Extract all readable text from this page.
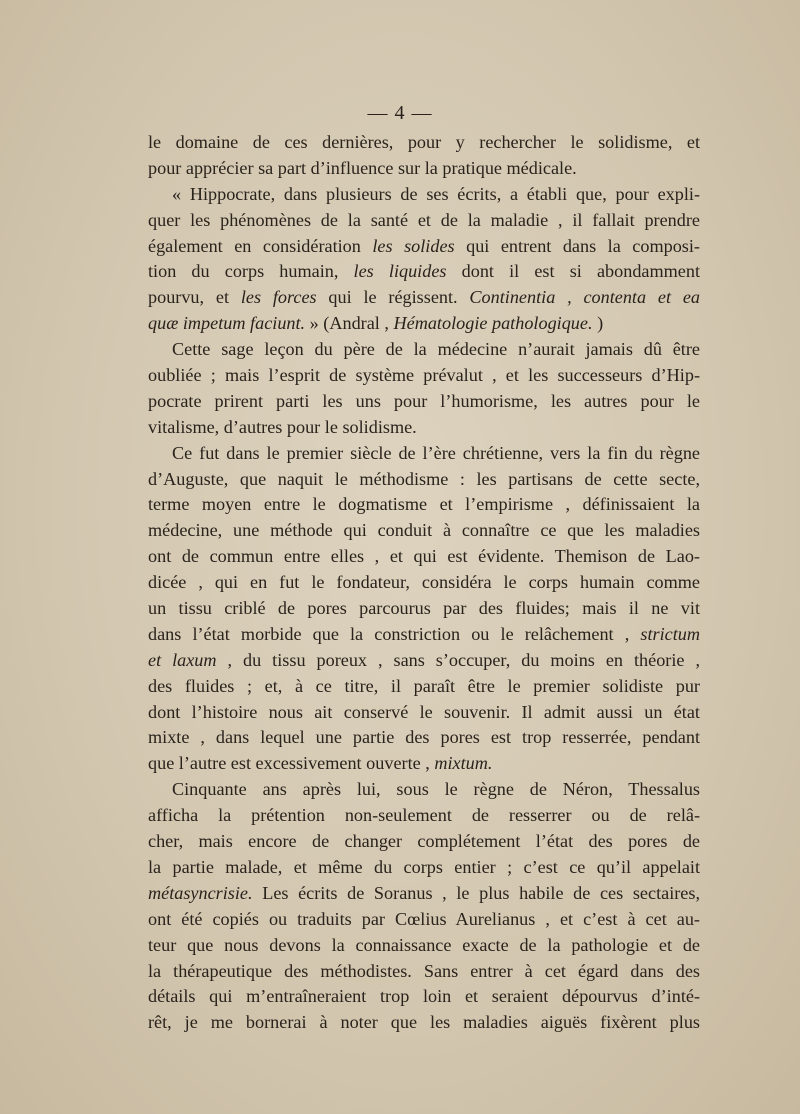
— 4 —
le domaine de ces dernières, pour y rechercher le solidisme, et
pour apprécier sa part d’influence sur la pratique médicale.
« Hippocrate, dans plusieurs de ses écrits, a établi que, pour expli-
quer les phénomènes de la santé et de la maladie , il fallait prendre
également en considération les solides qui entrent dans la composi-
tion du corps humain, les liquides dont il est si abondamment
pourvu, et les forces qui le régissent. Continentia , contenta et ea
quæ impetum faciunt. » (Andral , Hématologie pathologique. )
Cette sage leçon du père de la médecine n’aurait jamais dû être
oubliée ; mais l’esprit de système prévalut , et les successeurs d’Hip-
pocrate prirent parti les uns pour l’humorisme, les autres pour le
vitalisme, d’autres pour le solidisme.
Ce fut dans le premier siècle de l’ère chrétienne, vers la fin du règne
d’Auguste, que naquit le méthodisme : les partisans de cette secte,
terme moyen entre le dogmatisme et l’empirisme , définissaient la
médecine, une méthode qui conduit à connaître ce que les maladies
ont de commun entre elles , et qui est évidente. Themison de Lao-
dicée , qui en fut le fondateur, considéra le corps humain comme
un tissu criblé de pores parcourus par des fluides; mais il ne vit
dans l’état morbide que la constriction ou le relâchement , strictum
et laxum , du tissu poreux , sans s’occuper, du moins en théorie ,
des fluides ; et, à ce titre, il paraît être le premier solidiste pur
dont l’histoire nous ait conservé le souvenir. Il admit aussi un état
mixte , dans lequel une partie des pores est trop resserrée, pendant
que l’autre est excessivement ouverte , mixtum.
Cinquante ans après lui, sous le règne de Néron, Thessalus
afficha la prétention non-seulement de resserrer ou de relâ-
cher, mais encore de changer complétement l’état des pores de
la partie malade, et même du corps entier ; c’est ce qu’il appelait
métasyncrisie. Les écrits de Soranus , le plus habile de ces sectaires,
ont été copiés ou traduits par Cœlius Aurelianus , et c’est à cet au-
teur que nous devons la connaissance exacte de la pathologie et de
la thérapeutique des méthodistes. Sans entrer à cet égard dans des
détails qui m’entraîneraient trop loin et seraient dépourvus d’inté-
rêt, je me bornerai à noter que les maladies aiguës fixèrent plus
